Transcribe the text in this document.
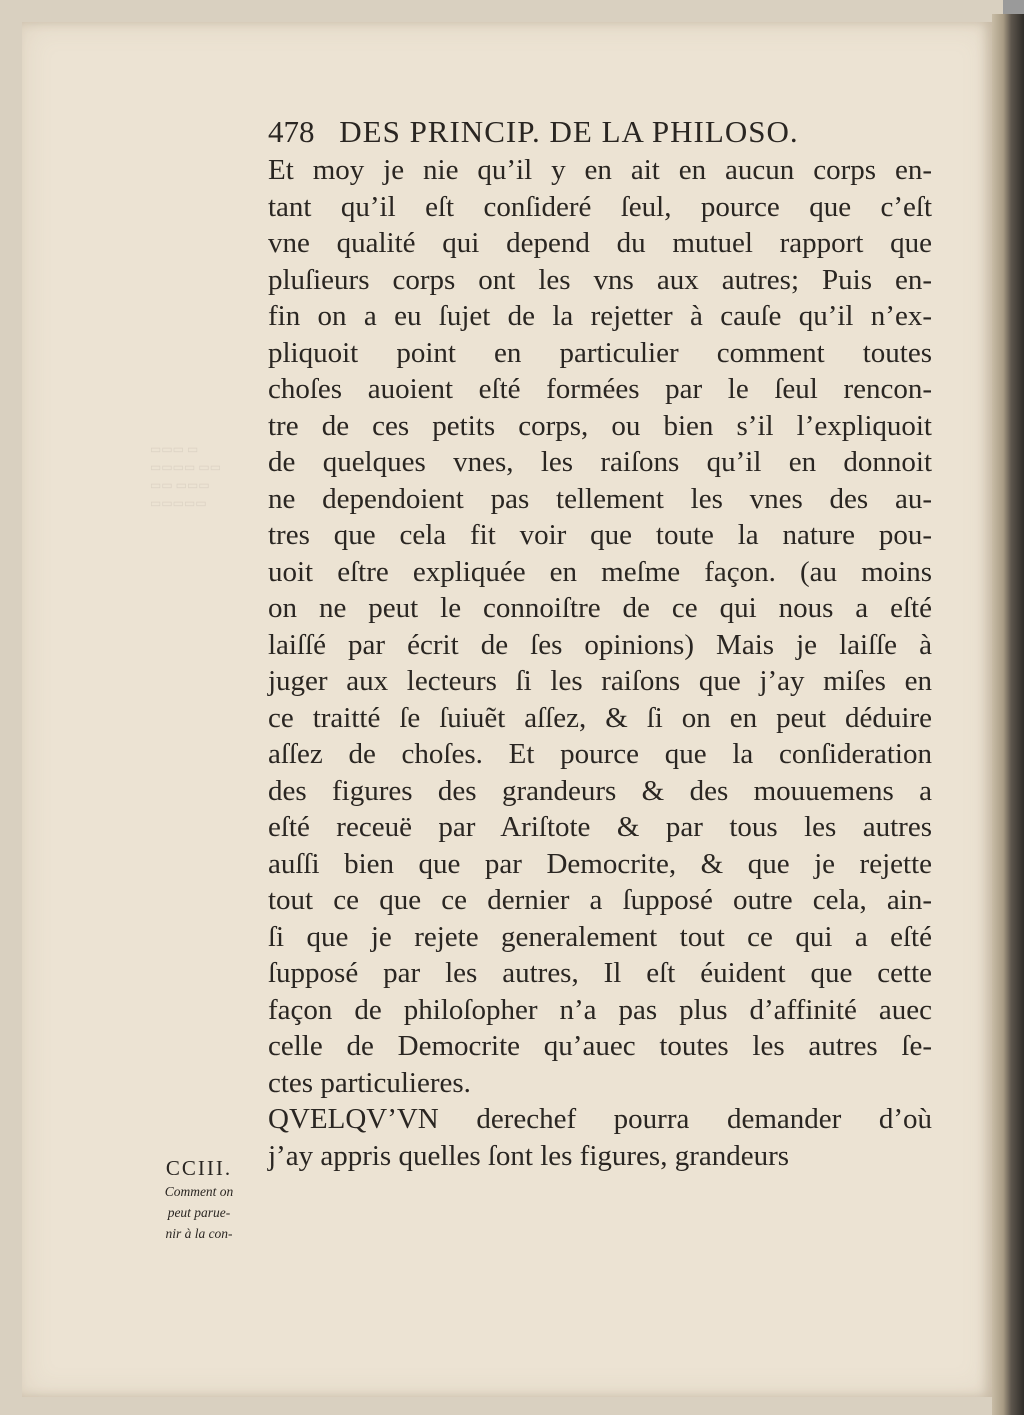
▭▭▭ ▭
▭▭▭▭ ▭▭
▭▭ ▭▭▭
▭▭▭▭▭
478 DES PRINCIP. DE LA PHILOSO.
Et moy je nie qu’il y en ait en aucun corps en-
tant qu’il eſt conſideré ſeul, pource que c’eſt
vne qualité qui depend du mutuel rapport que
pluſieurs corps ont les vns aux autres; Puis en-
fin on a eu ſujet de la rejetter à cauſe qu’il n’ex-
pliquoit point en particulier comment toutes
choſes auoient eſté formées par le ſeul rencon-
tre de ces petits corps, ou bien s’il l’expliquoit
de quelques vnes, les raiſons qu’il en donnoit
ne dependoient pas tellement les vnes des au-
tres que cela fit voir que toute la nature pou-
uoit eſtre expliquée en meſme façon. (au moins
on ne peut le connoiſtre de ce qui nous a eſté
laiſſé par écrit de ſes opinions) Mais je laiſſe à
juger aux lecteurs ſi les raiſons que j’ay miſes en
ce traitté ſe ſuiuẽt aſſez, & ſi on en peut déduire
aſſez de choſes. Et pource que la conſideration
des figures des grandeurs & des mouuemens a
eſté receuë par Ariſtote & par tous les autres
auſſi bien que par Democrite, & que je rejette
tout ce que ce dernier a ſupposé outre cela, ain-
ſi que je rejete generalement tout ce qui a eſté
ſupposé par les autres, Il eſt éuident que cette
façon de philoſopher n’a pas plus d’affinité auec
celle de Democrite qu’auec toutes les autres ſe-
ctes particulieres.
QVELQV’VN derechef pourra demander d’où
j’ay appris quelles ſont les figures, grandeurs
CCIII.
Comment on
peut parue-
nir à la con-
